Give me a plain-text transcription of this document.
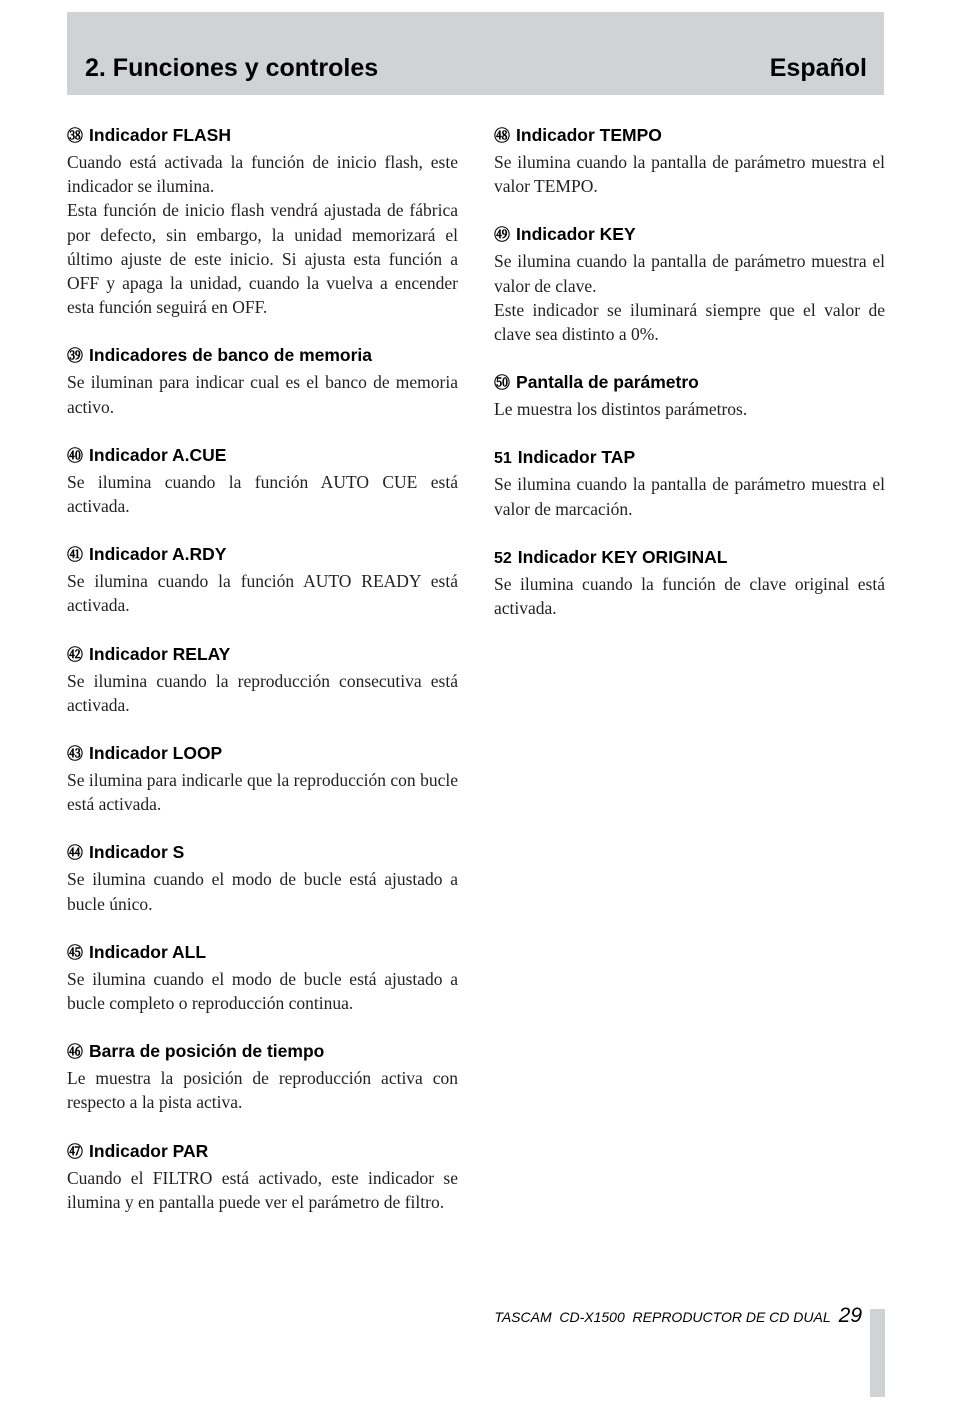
2. Funciones y controles	Español
㊳ Indicador FLASH

Cuando está activada la función de inicio flash, este indicador se ilumina.

Esta función de inicio flash vendrá ajustada de fábrica por defecto, sin embargo, la unidad memorizará el último ajuste de este inicio. Si ajusta esta función a OFF y apaga la unidad, cuando la vuelva a encender esta función seguirá en OFF.

㊴ Indicadores de banco de memoria

Se iluminan para indicar cual es el banco de memoria activo.

㊵ Indicador A.CUE

Se ilumina cuando la función AUTO CUE está activada.

㊶ Indicador A.RDY

Se ilumina cuando la función AUTO READY está activada.

㊷ Indicador RELAY

Se ilumina cuando la reproducción consecutiva está activada.

㊸ Indicador LOOP

Se ilumina para indicarle que la reproducción con bucle está activada.

㊹ Indicador S

Se ilumina cuando el modo de bucle está ajustado a bucle único.

㊺ Indicador ALL

Se ilumina cuando el modo de bucle está ajustado a bucle completo o reproducción continua.

㊻ Barra de posición de tiempo

Le muestra la posición de reproducción activa con respecto a la pista activa.

㊼ Indicador PAR

Cuando el FILTRO está activado, este indicador se ilumina y en pantalla puede ver el parámetro de filtro.

㊽ Indicador TEMPO

Se ilumina cuando la pantalla de parámetro muestra el valor TEMPO.

㊾ Indicador KEY

Se ilumina cuando la pantalla de parámetro muestra el valor de clave.

Este indicador se iluminará siempre que el valor de clave sea distinto a 0%.

㊿ Pantalla de parámetro

Le muestra los distintos parámetros.

51 Indicador TAP

Se ilumina cuando la pantalla de parámetro muestra el valor de marcación.

52 Indicador KEY ORIGINAL

Se ilumina cuando la función de clave original está activada.

TASCAM  CD-X1500  REPRODUCTOR DE CD DUAL 29
